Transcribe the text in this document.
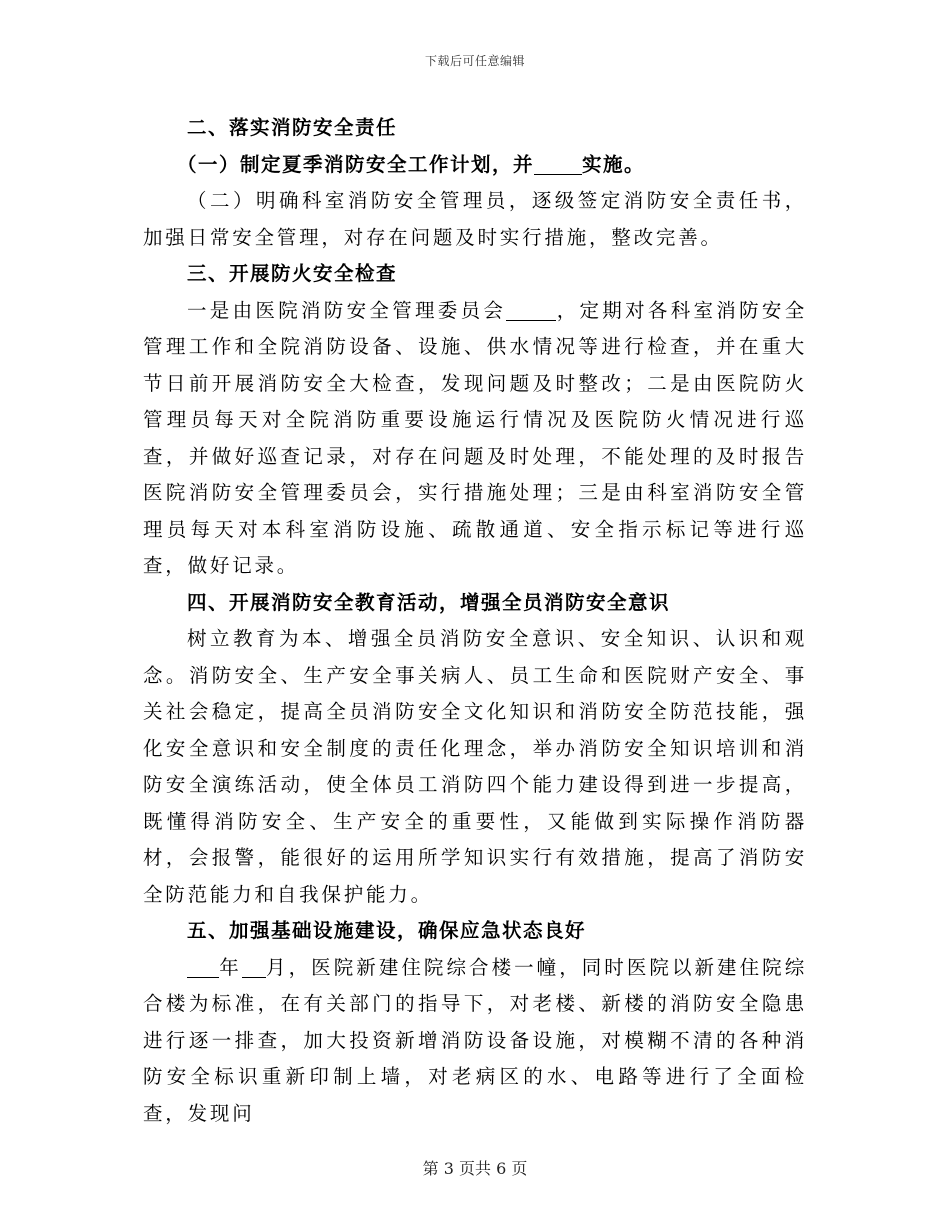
下载后可任意编辑

二、落实消防安全责任

（一）制定夏季消防安全工作计划，并 实施。

（二）明确科室消防安全管理员，逐级签定消防安全责任书，加强日常安全管理，对存在问题及时实行措施，整改完善。

三、开展防火安全检查

一是由医院消防安全管理委员会	，定期对各科室消防安全管理工作和全院消防设备、设施、供水情况等进行检查，并在重大节日前开展消防安全大检查，发现问题及时整改；二是由医院防火管理员每天对全院消防重要设施运行情况及医院防火情况进行巡查，并做好巡查记录，对存在问题及时处理，不能处理的及时报告医院消防安全管理委员会，实行措施处理；三是由科室消防安全管理员每天对本科室消防设施、疏散通道、安全指示标记等进行巡查，做好记录。

四、开展消防安全教育活动，增强全员消防安全意识

树立教育为本、增强全员消防安全意识、安全知识、认识和观念。消防安全、生产安全事关病人、员工生命和医院财产安全、事关社会稳定，提高全员消防安全文化知识和消防安全防范技能，强化安全意识和安全制度的责任化理念，举办消防安全知识培训和消防安全演练活动，使全体员工消防四个能力建设得到进一步提高，既懂得消防安全、生产安全的重要性，又能做到实际操作消防器材，会报警，能很好的运用所学知识实行有效措施，提高了消防安全防范能力和自我保护能力。

五、加强基础设施建设，确保应急状态良好

年 月，医院新建住院综合楼一幢，同时医院以新建住院综合楼为标准，在有关部门的指导下，对老楼、新楼的消防安全隐患进行逐一排查，加大投资新增消防设备设施，对模糊不清的各种消防安全标识重新印制上墙，对老病区的水、电路等进行了全面检查，发现问

第 3 页共 6 页
